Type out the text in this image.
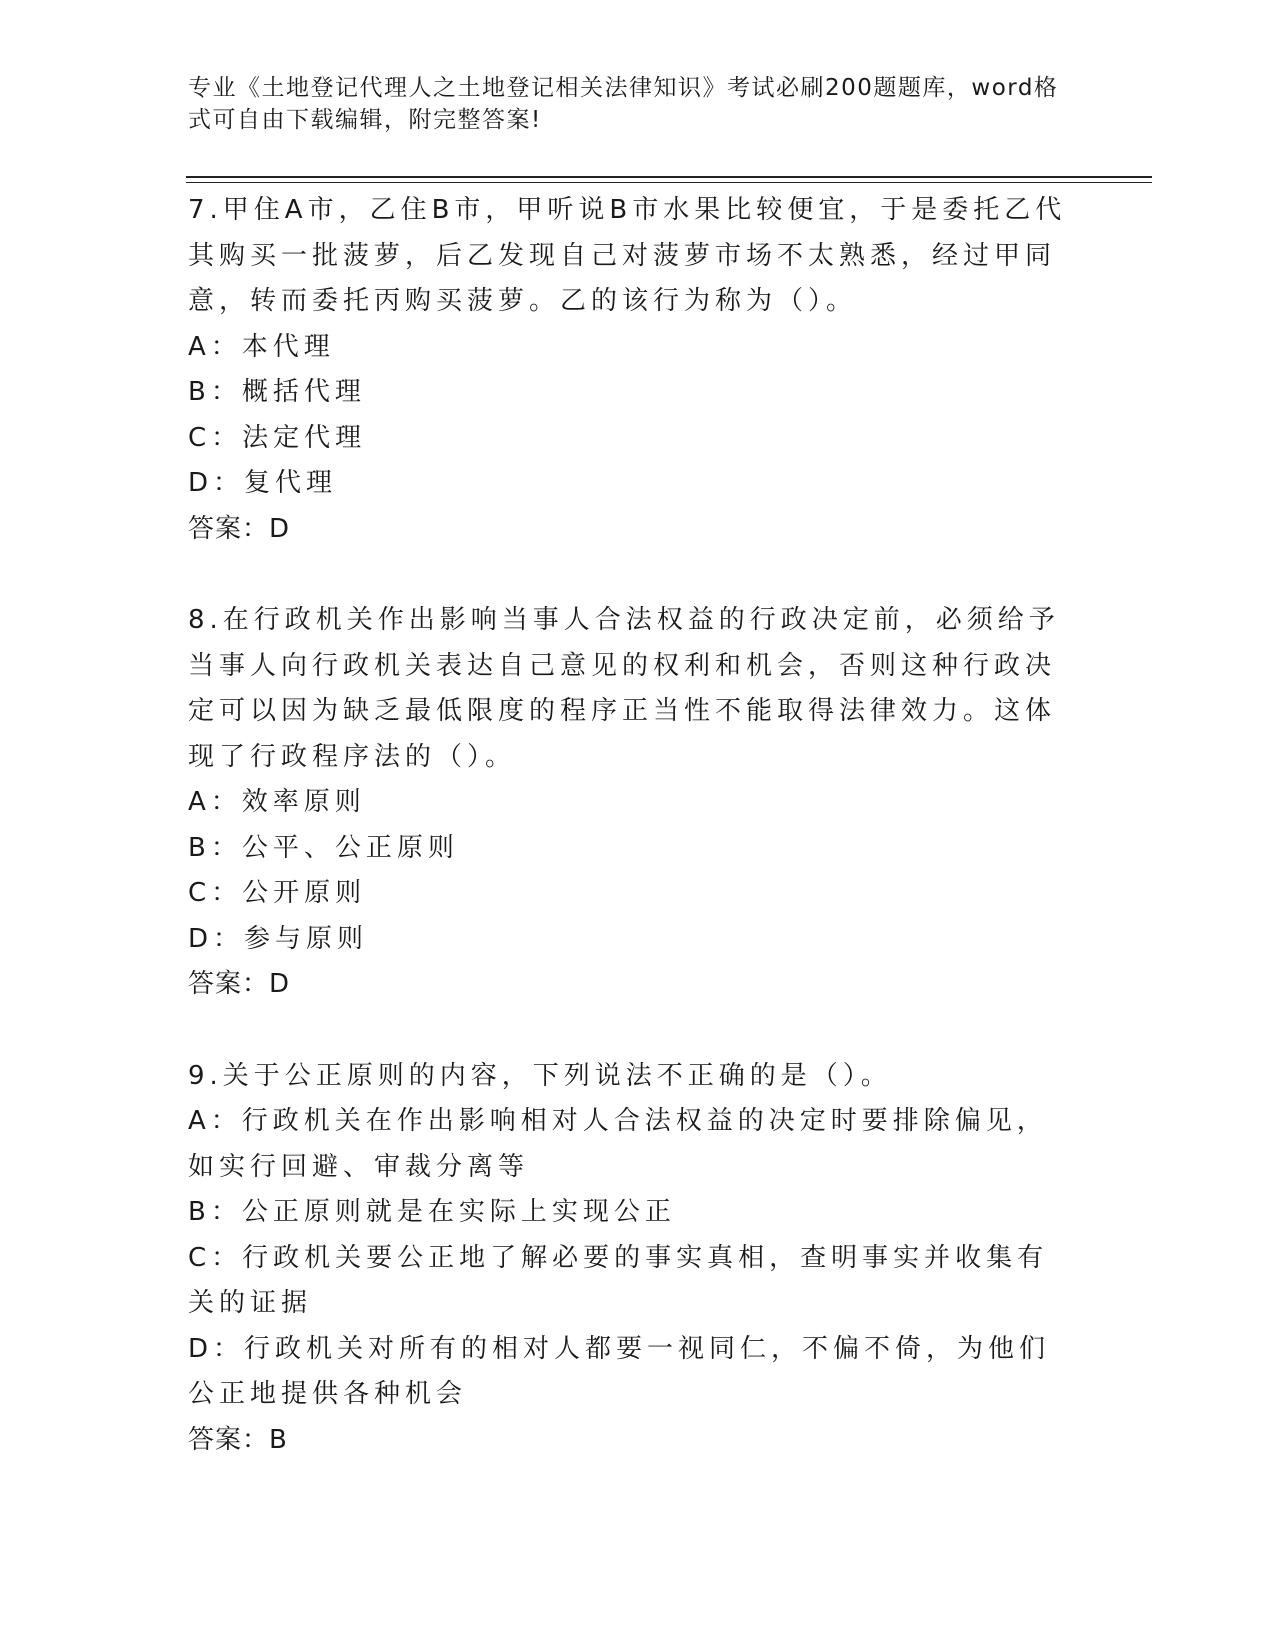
专业《土地登记代理人之土地登记相关法律知识》考试必刷200题题库，word格式可自由下载编辑，附完整答案!
7.甲住A市，乙住B市，甲听说B市水果比较便宜，于是委托乙代其购买一批菠萝，后乙发现自己对菠萝市场不太熟悉，经过甲同意，转而委托丙购买菠萝。乙的该行为称为（）。
A：本代理
B：概括代理
C：法定代理
D：复代理
答案：D
8.在行政机关作出影响当事人合法权益的行政决定前，必须给予当事人向行政机关表达自己意见的权利和机会，否则这种行政决定可以因为缺乏最低限度的程序正当性不能取得法律效力。这体现了行政程序法的（）。
A：效率原则
B：公平、公正原则
C：公开原则
D：参与原则
答案：D
9.关于公正原则的内容，下列说法不正确的是（）。
A：行政机关在作出影响相对人合法权益的决定时要排除偏见，如实行回避、审裁分离等
B：公正原则就是在实际上实现公正
C：行政机关要公正地了解必要的事实真相，查明事实并收集有关的证据
D：行政机关对所有的相对人都要一视同仁，不偏不倚，为他们公正地提供各种机会
答案：B
